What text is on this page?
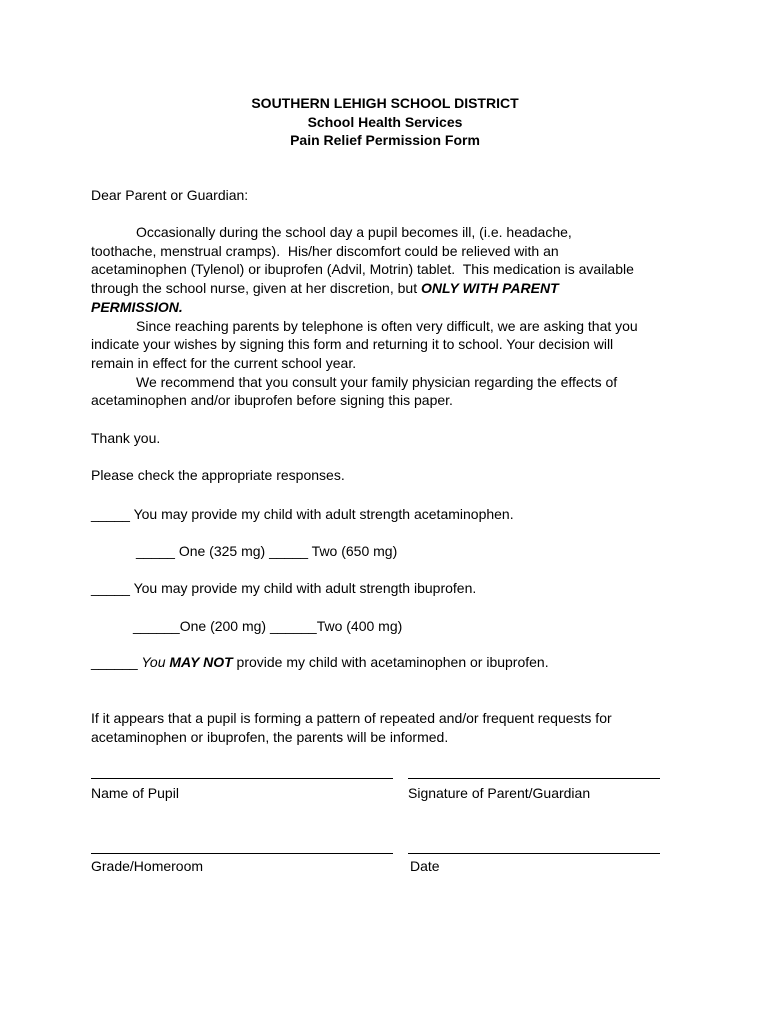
SOUTHERN LEHIGH SCHOOL DISTRICT
School Health Services
Pain Relief Permission Form
Dear Parent or Guardian:
Occasionally during the school day a pupil becomes ill, (i.e. headache,
toothache, menstrual cramps).  His/her discomfort could be relieved with an
acetaminophen (Tylenol) or ibuprofen (Advil, Motrin) tablet.  This medication is available
through the school nurse, given at her discretion, but ONLY WITH PARENT
PERMISSION.
Since reaching parents by telephone is often very difficult, we are asking that you
indicate your wishes by signing this form and returning it to school. Your decision will
remain in effect for the current school year.
We recommend that you consult your family physician regarding the effects of
acetaminophen and/or ibuprofen before signing this paper.
Thank you.
Please check the appropriate responses.
_____ You may provide my child with adult strength acetaminophen.
_____ One (325 mg) _____ Two (650 mg)
_____ You may provide my child with adult strength ibuprofen.
______One (200 mg) ______Two (400 mg)
______ You MAY NOT provide my child with acetaminophen or ibuprofen.
If it appears that a pupil is forming a pattern of repeated and/or frequent requests for
acetaminophen or ibuprofen, the parents will be informed.
Name of Pupil	Signature of Parent/Guardian
Grade/Homeroom	Date
